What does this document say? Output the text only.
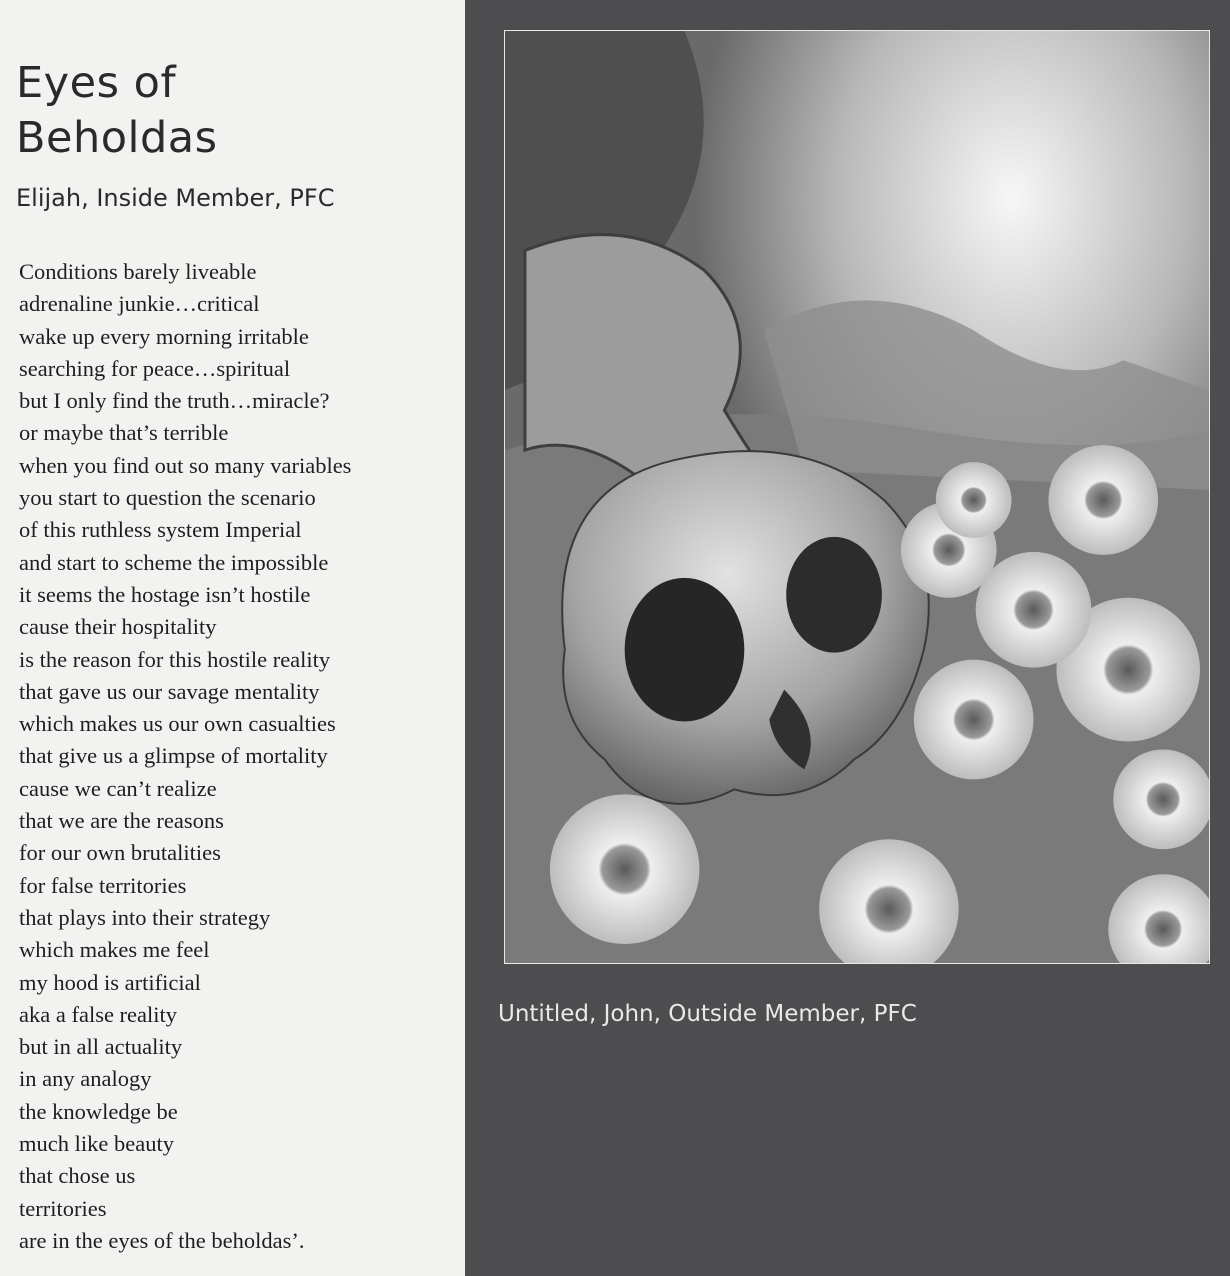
Eyes of
Beholdas

Elijah, Inside Member, PFC

Conditions barely liveable
adrenaline junkie…critical
wake up every morning irritable
searching for peace…spiritual
but I only find the truth…miracle?
or maybe that’s terrible
when you find out so many variables
you start to question the scenario
of this ruthless system Imperial
and start to scheme the impossible
it seems the hostage isn’t hostile
cause their hospitality
is the reason for this hostile reality
that gave us our savage mentality
which makes us our own casualties
that give us a glimpse of mortality
cause we can’t realize
that we are the reasons
for our own brutalities
for false territories
that plays into their strategy
which makes me feel
my hood is artificial
aka a false reality
but in all actuality
in any analogy
the knowledge be
much like beauty
that chose us
territories
are in the eyes of the beholdas’.

Untitled, John, Outside Member, PFC
